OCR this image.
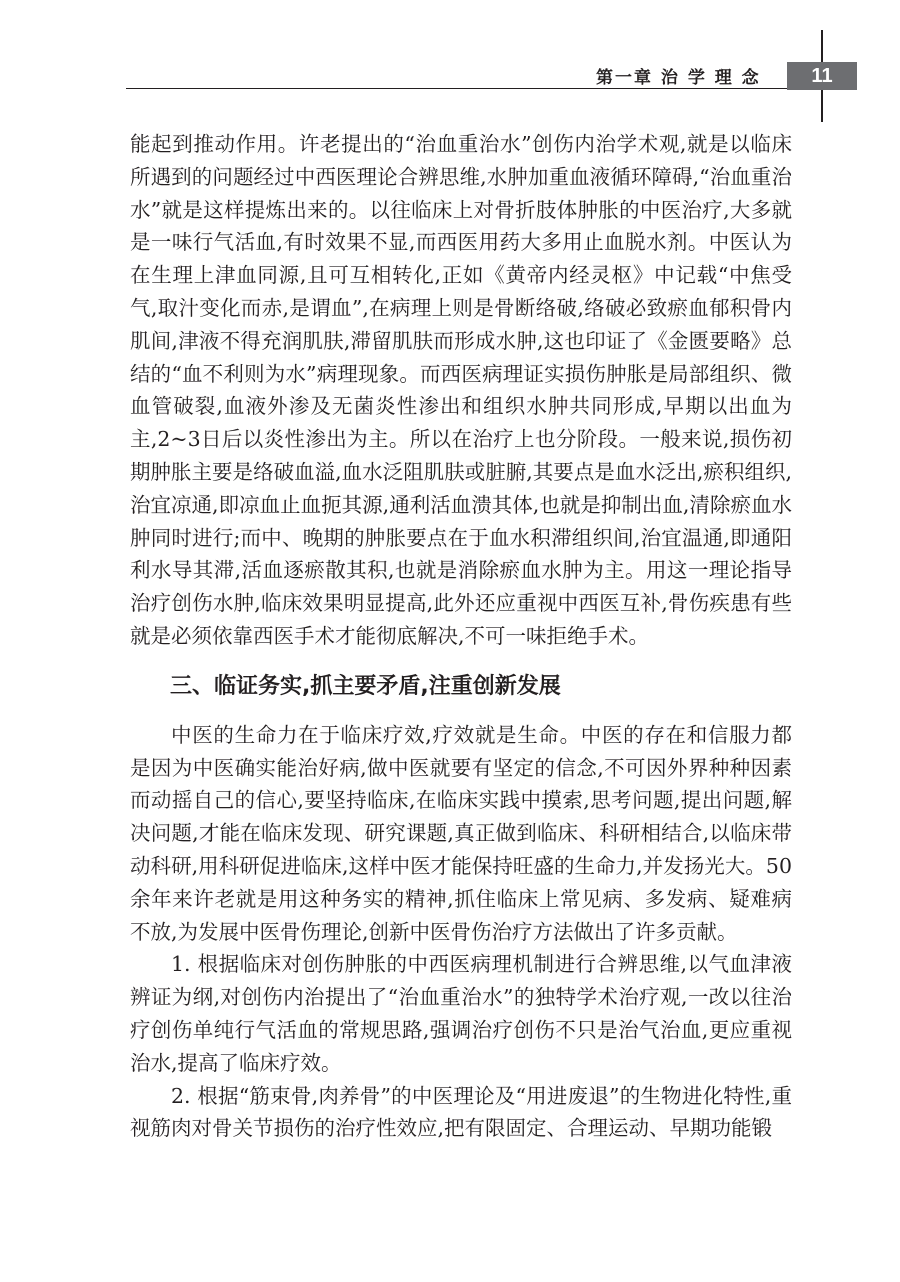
第一章 治 学 理 念	11

能起到推动作用。许老提出的“治血重治水”创伤内治学术观,就是以临床所遇到的问题经过中西医理论合辨思维,水肿加重血液循环障碍,“治血重治水”就是这样提炼出来的。以往临床上对骨折肢体肿胀的中医治疗,大多就是一味行气活血,有时效果不显,而西医用药大多用止血脱水剂。中医认为在生理上津血同源,且可互相转化,正如《黄帝内经灵枢》中记载“中焦受气,取汁变化而赤,是谓血”,在病理上则是骨断络破,络破必致瘀血郁积骨内肌间,津液不得充润肌肤,滞留肌肤而形成水肿,这也印证了《金匮要略》总结的“血不利则为水”病理现象。而西医病理证实损伤肿胀是局部组织、微血管破裂,血液外渗及无菌炎性渗出和组织水肿共同形成,早期以出血为主,2~3日后以炎性渗出为主。所以在治疗上也分阶段。一般来说,损伤初期肿胀主要是络破血溢,血水泛阻肌肤或脏腑,其要点是血水泛出,瘀积组织,治宜凉通,即凉血止血扼其源,通利活血溃其体,也就是抑制出血,清除瘀血水肿同时进行;而中、晚期的肿胀要点在于血水积滞组织间,治宜温通,即通阳利水导其滞,活血逐瘀散其积,也就是消除瘀血水肿为主。用这一理论指导治疗创伤水肿,临床效果明显提高,此外还应重视中西医互补,骨伤疾患有些就是必须依靠西医手术才能彻底解决,不可一味拒绝手术。

三、临证务实,抓主要矛盾,注重创新发展

中医的生命力在于临床疗效,疗效就是生命。中医的存在和信服力都是因为中医确实能治好病,做中医就要有坚定的信念,不可因外界种种因素而动摇自己的信心,要坚持临床,在临床实践中摸索,思考问题,提出问题,解决问题,才能在临床发现、研究课题,真正做到临床、科研相结合,以临床带动科研,用科研促进临床,这样中医才能保持旺盛的生命力,并发扬光大。50余年来许老就是用这种务实的精神,抓住临床上常见病、多发病、疑难病不放,为发展中医骨伤理论,创新中医骨伤治疗方法做出了许多贡献。

1. 根据临床对创伤肿胀的中西医病理机制进行合辨思维,以气血津液辨证为纲,对创伤内治提出了“治血重治水”的独特学术治疗观,一改以往治疗创伤单纯行气活血的常规思路,强调治疗创伤不只是治气治血,更应重视治水,提高了临床疗效。

2. 根据“筋束骨,肉养骨”的中医理论及“用进废退”的生物进化特性,重视筋肉对骨关节损伤的治疗性效应,把有限固定、合理运动、早期功能锻
